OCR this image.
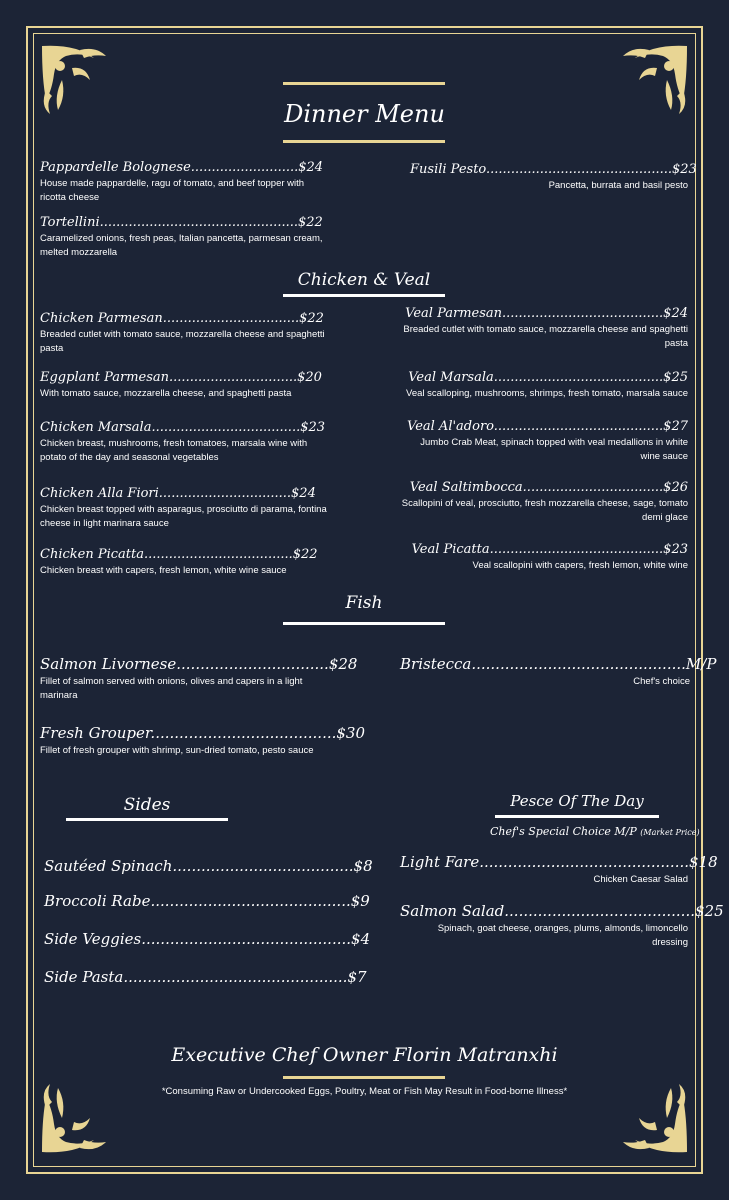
Dinner Menu
Pappardelle Bolognese..........................$24
House made pappardelle, ragu of tomato, and beef topper with ricotta cheese
Tortellini................................................$22
Caramelized onions, fresh peas, Italian pancetta, parmesan cream, melted mozzarella
Fusili Pesto.............................................$23
Pancetta, burrata and basil pesto
Chicken & Veal
Chicken Parmesan.................................$22
Breaded cutlet with tomato sauce, mozzarella cheese and spaghetti pasta
Eggplant Parmesan...............................$20
With tomato sauce, mozzarella cheese, and spaghetti pasta
Chicken Marsala....................................$23
Chicken breast, mushrooms, fresh tomatoes, marsala wine with potato of the day and seasonal vegetables
Chicken Alla Fiori................................$24
Chicken breast topped with asparagus, prosciutto di parama, fontina cheese in light marinara sauce
Chicken Picatta....................................$22
Chicken breast with capers, fresh lemon, white wine sauce
Veal Parmesan.......................................$24
Breaded cutlet with tomato sauce, mozzarella cheese and spaghetti pasta
Veal Marsala.........................................$25
Veal scalloping, mushrooms, shrimps, fresh tomato, marsala sauce
Veal Al'adoro.........................................$27
Jumbo Crab Meat, spinach topped with veal medallions in white wine sauce
Veal Saltimbocca..................................$26
Scallopini of veal, prosciutto, fresh mozzarella cheese, sage, tomato demi glace
Veal Picatta..........................................$23
Veal scallopini with capers, fresh lemon, white wine
Fish
Salmon Livornese................................$28
Fillet of salmon served with onions, olives and capers in a light marinara
Fresh Grouper.......................................$30
Fillet of fresh grouper with shrimp, sun-dried tomato, pesto sauce
Bristecca.............................................M/P
Chef's choice
Sides
Sautéed Spinach......................................$8
Broccoli Rabe..........................................$9
Side Veggies............................................$4
Side Pasta...............................................$7
Pesce Of The Day
Chef's Special Choice M/P (Market Price)
Light Fare............................................$18
Chicken Caesar Salad
Salmon Salad........................................$25
Spinach, goat cheese, oranges, plums, almonds, limoncello dressing
Executive Chef Owner Florin Matranxhi
*Consuming Raw or Undercooked Eggs, Poultry, Meat or Fish May Result in Food-borne Illness*
